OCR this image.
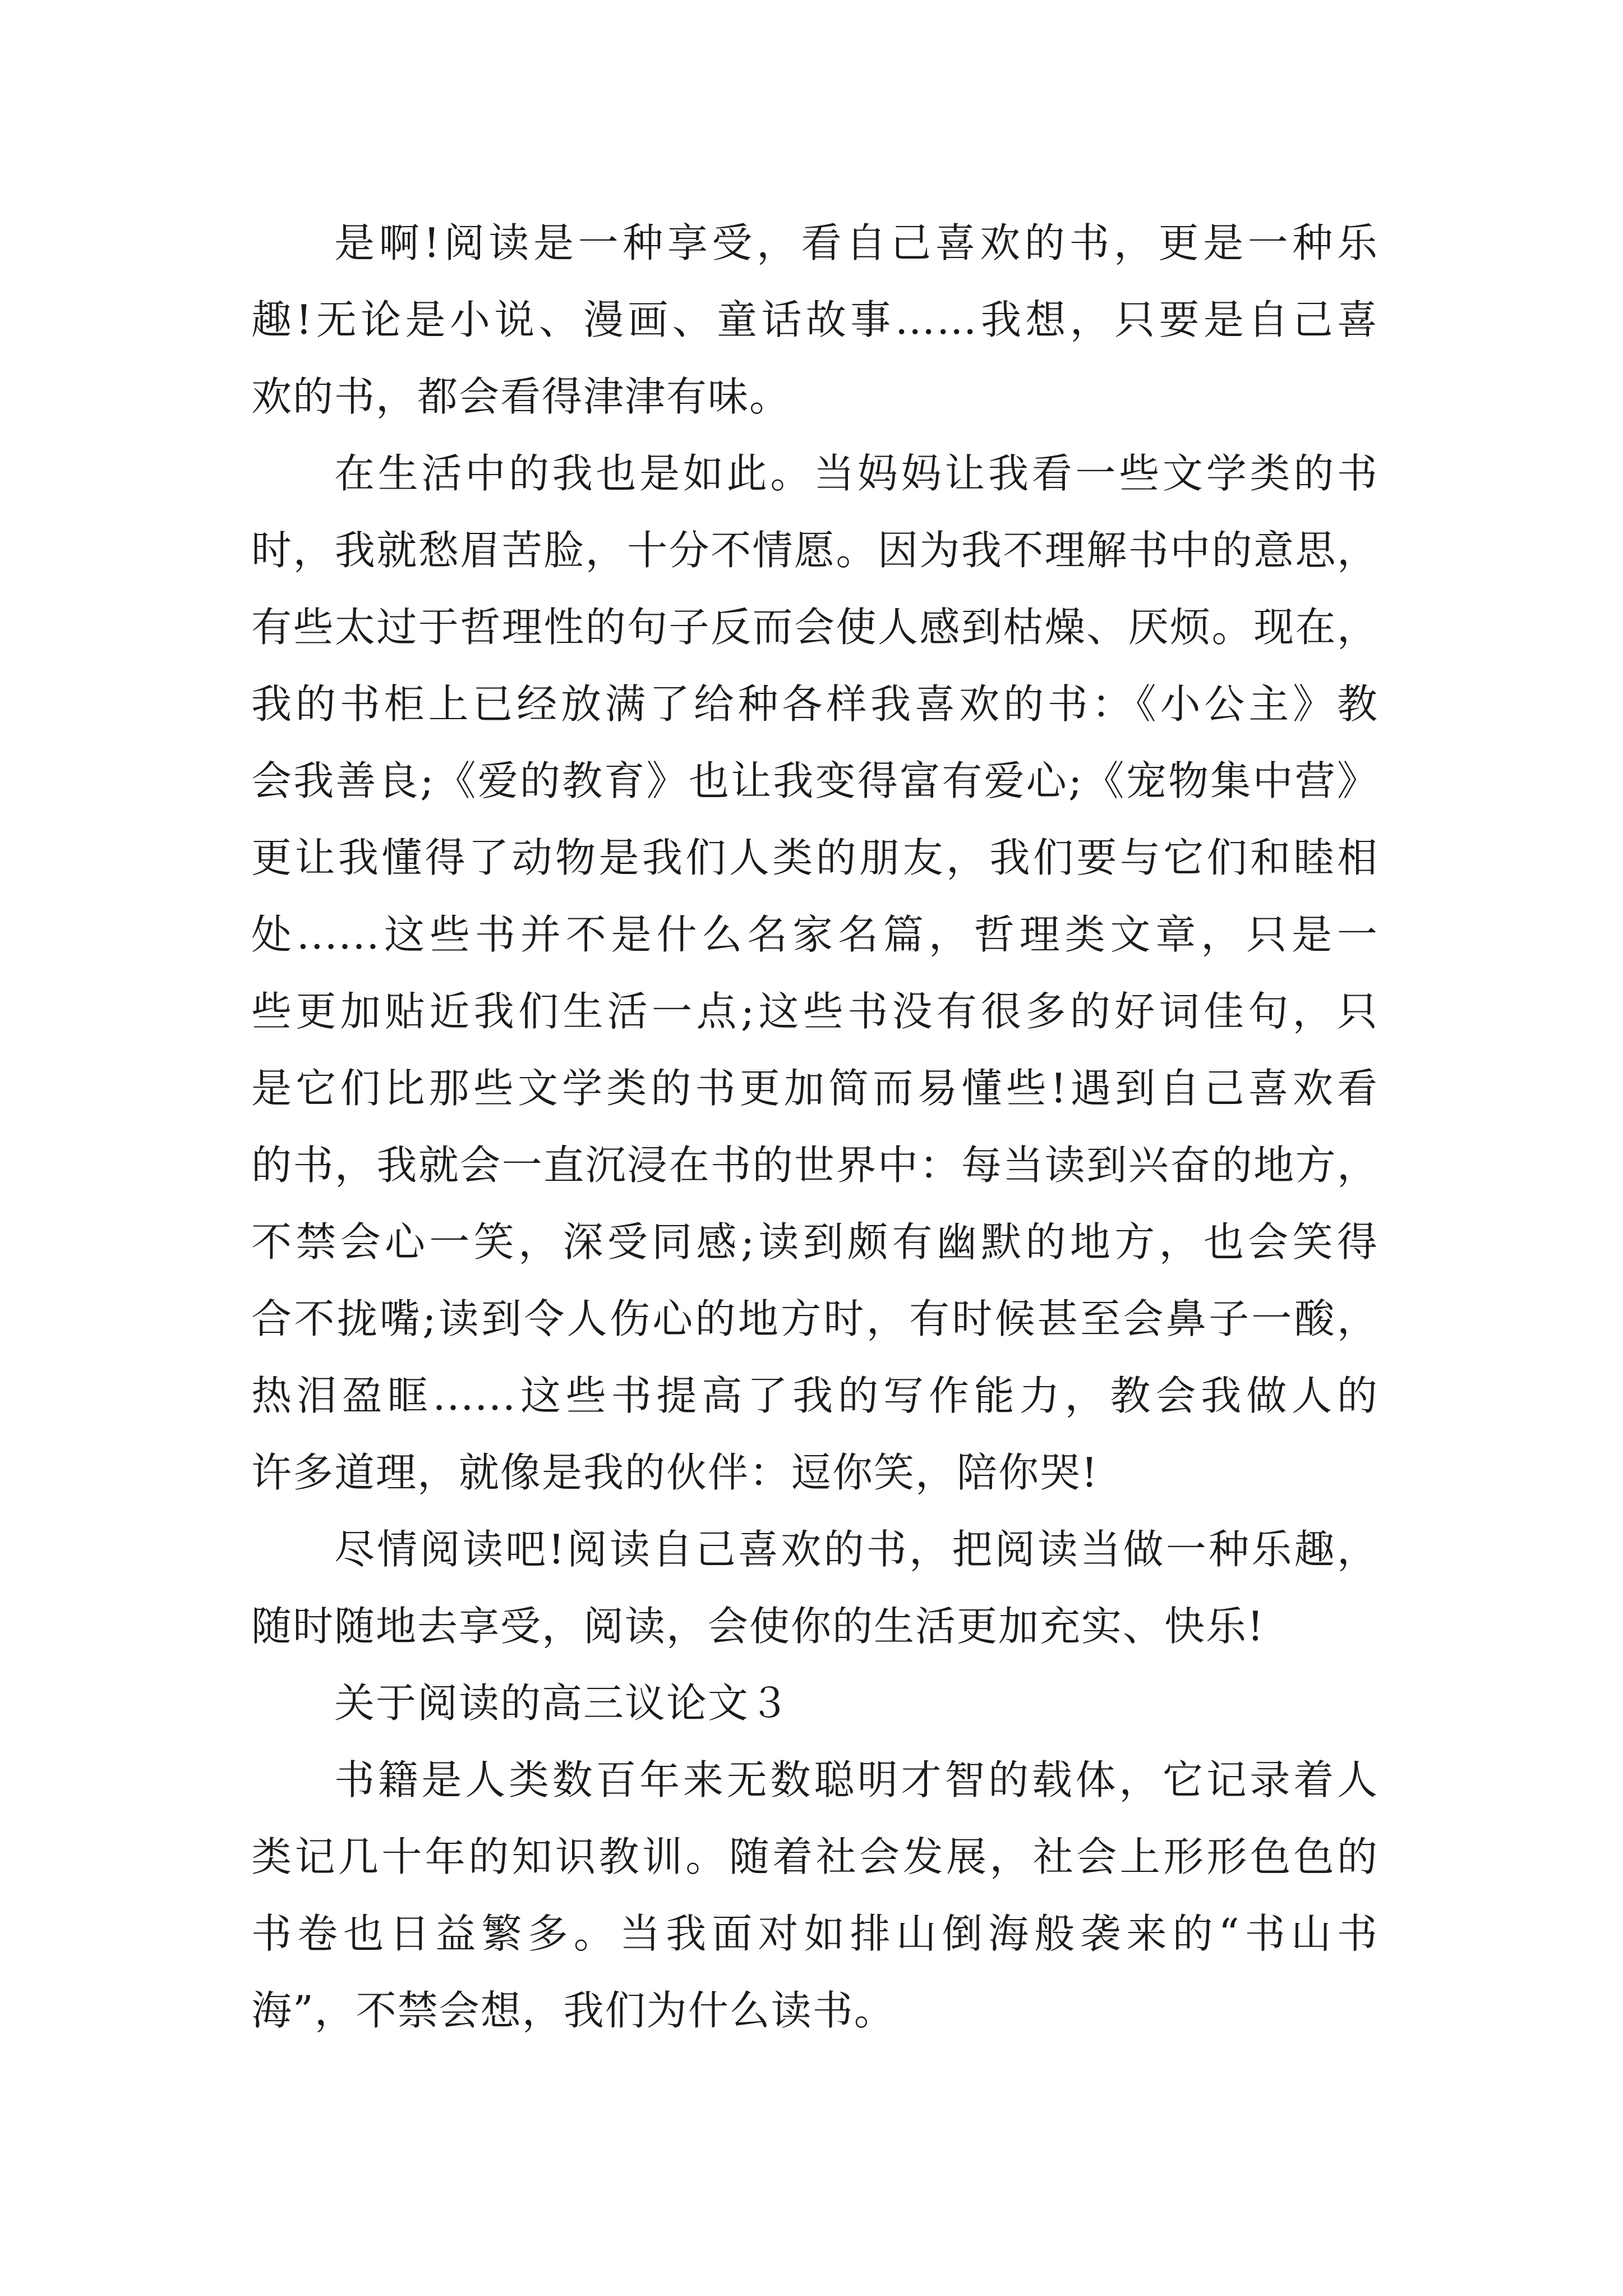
是啊!阅读是一种享受，看自己喜欢的书，更是一种乐
趣!无论是小说、漫画、童话故事……我想，只要是自己喜
欢的书，都会看得津津有味。
在生活中的我也是如此。当妈妈让我看一些文学类的书
时，我就愁眉苦脸，十分不情愿。因为我不理解书中的意思，
有些太过于哲理性的句子反而会使人感到枯燥、厌烦。现在，
我的书柜上已经放满了给种各样我喜欢的书：《小公主》教
会我善良;《爱的教育》也让我变得富有爱心;《宠物集中营》
更让我懂得了动物是我们人类的朋友，我们要与它们和睦相
处......这些书并不是什么名家名篇，哲理类文章，只是一
些更加贴近我们生活一点;这些书没有很多的好词佳句，只
是它们比那些文学类的书更加简而易懂些!遇到自己喜欢看
的书，我就会一直沉浸在书的世界中：每当读到兴奋的地方，
不禁会心一笑，深受同感;读到颇有幽默的地方，也会笑得
合不拢嘴;读到令人伤心的地方时，有时候甚至会鼻子一酸，
热泪盈眶......这些书提高了我的写作能力，教会我做人的
许多道理，就像是我的伙伴：逗你笑，陪你哭!
尽情阅读吧!阅读自己喜欢的书，把阅读当做一种乐趣，
随时随地去享受，阅读，会使你的生活更加充实、快乐!
关于阅读的高三议论文３
书籍是人类数百年来无数聪明才智的载体，它记录着人
类记几十年的知识教训。随着社会发展，社会上形形色色的
书卷也日益繁多。当我面对如排山倒海般袭来的“书山书
海”，不禁会想，我们为什么读书。
